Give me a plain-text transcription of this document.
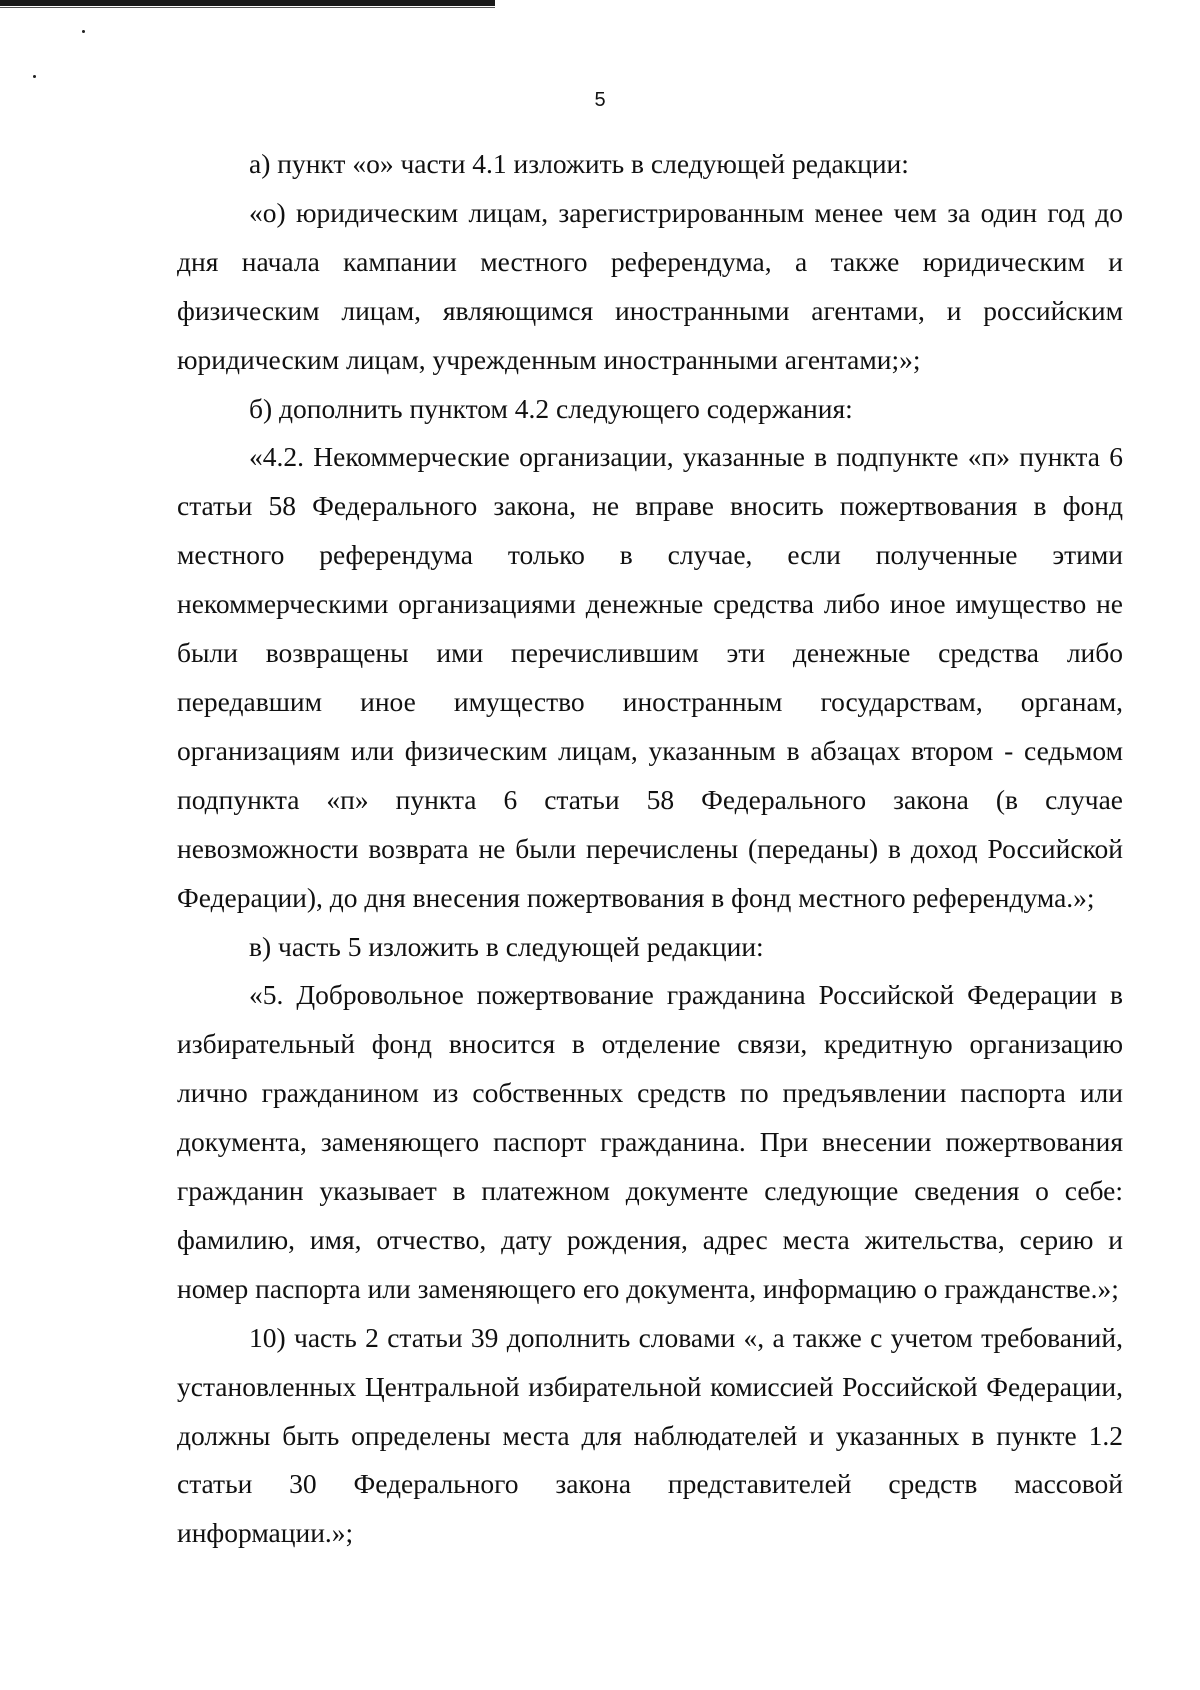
5

а) пункт «о» части 4.1 изложить в следующей редакции:

«о) юридическим лицам, зарегистрированным менее чем за один год до дня начала кампании местного референдума, а также юридическим и физическим лицам, являющимся иностранными агентами, и российским юридическим лицам, учрежденным иностранными агентами;»;

б) дополнить пунктом 4.2 следующего содержания:

«4.2. Некоммерческие организации, указанные в подпункте «п» пункта 6 статьи 58 Федерального закона, не вправе вносить пожертвования в фонд местного референдума только в случае, если полученные этими некоммерческими организациями денежные средства либо иное имущество не были возвращены ими перечислившим эти денежные средства либо передавшим иное имущество иностранным государствам, органам, организациям или физическим лицам, указанным в абзацах втором - седьмом подпункта «п» пункта 6 статьи 58 Федерального закона (в случае невозможности возврата не были перечислены (переданы) в доход Российской Федерации), до дня внесения пожертвования в фонд местного референдума.»;

в) часть 5 изложить в следующей редакции:

«5. Добровольное пожертвование гражданина Российской Федерации в избирательный фонд вносится в отделение связи, кредитную организацию лично гражданином из собственных средств по предъявлении паспорта или документа, заменяющего паспорт гражданина. При внесении пожертвования гражданин указывает в платежном документе следующие сведения о себе: фамилию, имя, отчество, дату рождения, адрес места жительства, серию и номер паспорта или заменяющего его документа, информацию о гражданстве.»;

10) часть 2 статьи 39 дополнить словами «, а также с учетом требований, установленных Центральной избирательной комиссией Российской Федерации, должны быть определены места для наблюдателей и указанных в пункте 1.2 статьи 30 Федерального закона представителей средств массовой информации.»;
